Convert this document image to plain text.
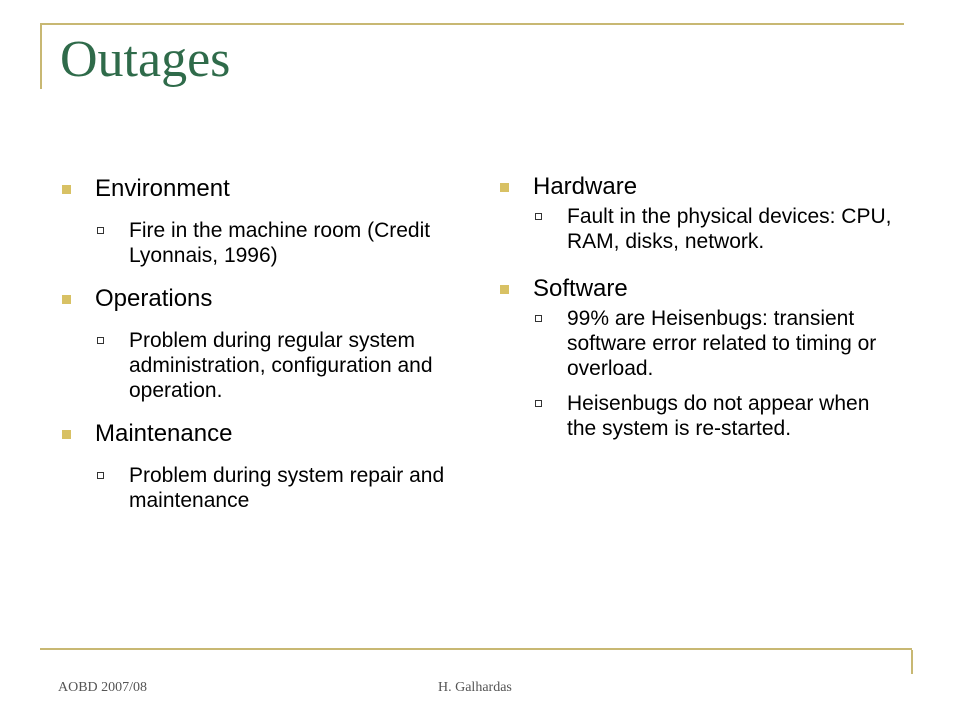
Outages
Environment
Fire in the machine room (Credit Lyonnais, 1996)
Operations
Problem during regular system administration, configuration and operation.
Maintenance
Problem during system repair and maintenance
Hardware
Fault in the physical devices: CPU, RAM, disks, network.
Software
99% are Heisenbugs: transient software error related to timing or overload.
Heisenbugs do not appear when the system is re-started.
AOBD 2007/08	H. Galhardas
